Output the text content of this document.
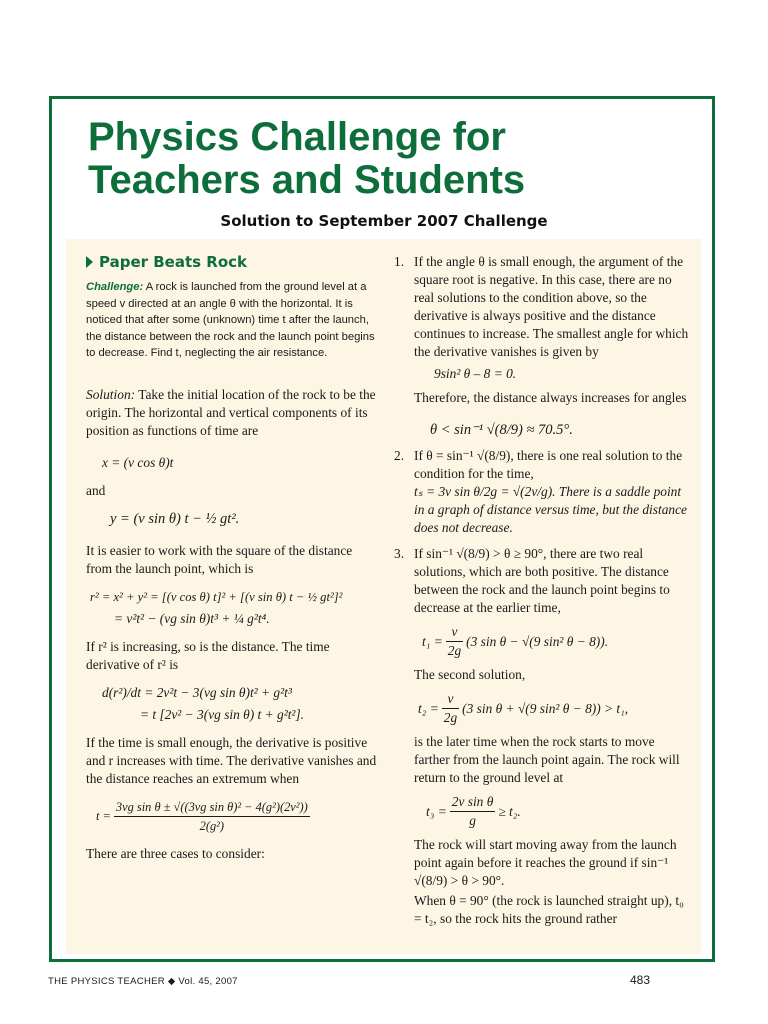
Physics Challenge for Teachers and Students
Solution to September 2007 Challenge
Paper Beats Rock

Challenge: A rock is launched from the ground level at a speed v directed at an angle θ with the horizontal. It is noticed that after some (unknown) time t after the launch, the distance between the rock and the launch point begins to decrease. Find t, neglecting the air resistance.

Solution: Take the initial location of the rock to be the origin. The horizontal and vertical components of its position as functions of time are

x = (v cos θ)t

and

y = (v sin θ) t − ½ gt².

It is easier to work with the square of the distance from the launch point, which is

r² = x² + y² = [(v cos θ) t]² + [(v sin θ) t − ½ gt²]²
= v²t² − (vg sin θ)t³ + ¼ g²t⁴.

If r² is increasing, so is the distance. The time derivative of r² is

d(r²)/dt = 2v²t − 3(vg sin θ)t² + g²t³
= t [2v² − 3(vg sin θ) t + g²t²].

If the time is small enough, the derivative is positive and r increases with time. The derivative vanishes and the distance reaches an extremum when

$t = \frac{\text{3vg sin θ ± √((3vg sin θ)² − 4(g²)(2v²))}}{\text{2(g²)}}$

There are three cases to consider:

1. If the angle θ is small enough, the argument of the square root is negative. In this case, there are no real solutions to the condition above, so the derivative is always positive and the distance continues to increase. The smallest angle for which the derivative vanishes is given by

9sin² θ – 8 = 0.

Therefore, the distance always increases for angles

θ < sin⁻¹ √(8/9) ≈ 70.5°.
2. If θ = sin⁻¹ √(8/9), there is one real solution to the condition for the time,

tₛ = 3v sin θ/2g = √(2v/g). There is a saddle point in a graph of distance versus time, but the distance does not decrease.

3. If sin⁻¹ √(8/9) > θ ≥ 90°, there are two real solutions, which are both positive. The distance between the rock and the launch point begins to decrease at the earlier time,

$t_1 = \frac{v}{2g} (3$ sin θ − √(9 sin² θ − 8)).

The second solution,

$t_2 = \frac{v}{2g} (3$ sin θ + √(9 sin² θ − 8)) > t₁,

is the later time when the rock starts to move farther from the launch point again. The rock will return to the ground level at

$t_3 = \frac{\text{2v sin θ}}{g} \ge t_2$.

The rock will start moving away from the launch point again before it reaches the ground if sin⁻¹ √(8/9) > θ > 90°.

When θ = 90° (the rock is launched straight up), t₀ = t₂, so the rock hits the ground rather

THE PHYSICS TEACHER ◆ Vol. 45, 2007	483
